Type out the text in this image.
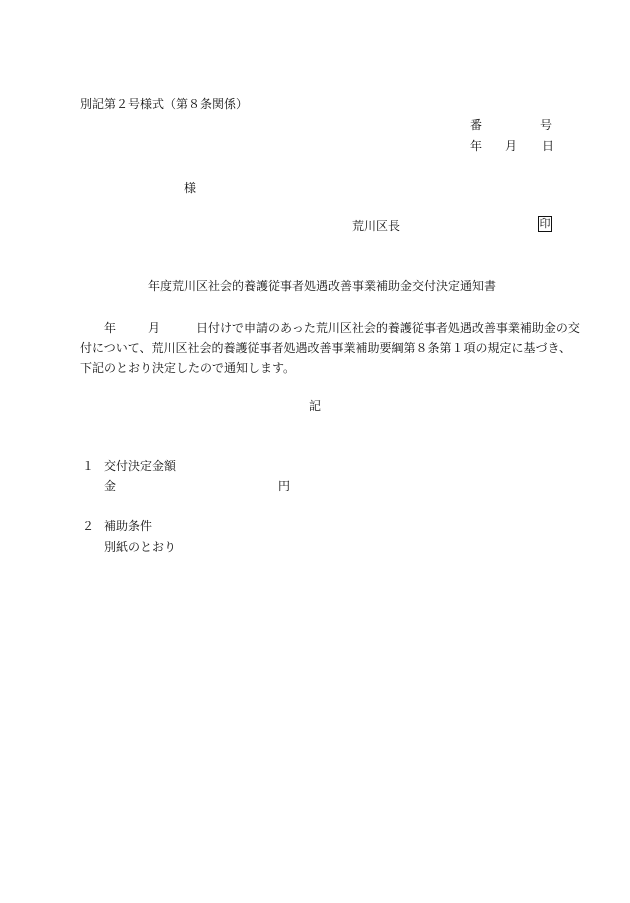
別記第２号様式（第８条関係）
番	号
年 月 日
様
荒川区長	印
年度荒川区社会的養護従事者処遇改善事業補助金交付決定通知書
年	月	日付けで申請のあった荒川区社会的養護従事者処遇改善事業補助金の交
付について、荒川区社会的養護従事者処遇改善事業補助要綱第８条第１項の規定に基づき、
下記のとおり決定したので通知します。
記
１ 交付決定金額
金	円
２ 補助条件
別紙のとおり
